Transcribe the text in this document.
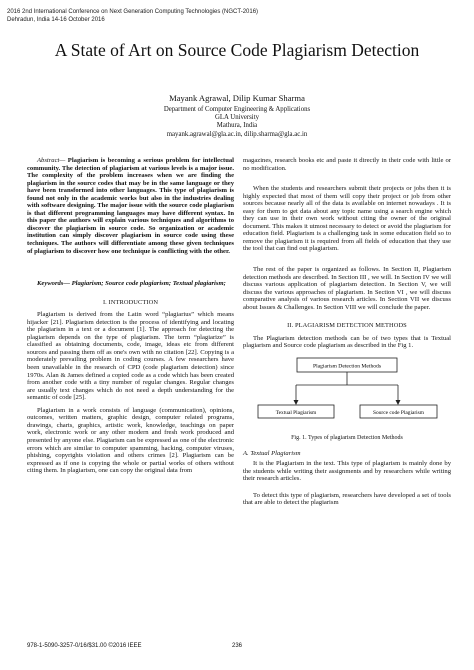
2016 2nd International Conference on Next Generation Computing Technologies (NGCT-2016)
Dehradun, India 14-16 October 2016
A State of Art on Source Code Plagiarism Detection
Mayank Agrawal, Dilip Kumar Sharma
Department of Computer Engineering & Applications
GLA University
Mathura, India
mayank.agrawal@gla.ac.in, dilip.sharma@gla.ac.in

Abstract— Plagiarism is becoming a serious problem for intellectual community. The detection of plagiarism at various levels is a major issue. The complexity of the problem increases when we are finding the plagiarism in the source codes that may be in the same language or they have been transformed into other languages. This type of plagiarism is found not only in the academic works but also in the industries dealing with software designing. The major issue with the source code plagiarism is that different programming languages may have different syntax. In this paper the authors will explain various techniques and algorithms to discover the plagiarism in source code. So organization or academic institution can simply discover plagiarism in source code using these techniques. The authors will differentiate among these given techniques of plagiarism to discover how one technique is conflicting with the other.

Keywords— Plagiarism; Source code plagiarism; Textual plagiarism;

I. INTRODUCTION

Plagiarism is derived from the Latin word “plagiarius” which means hijacker [21]. Plagiarism detection is the process of identifying and locating the plagiarism in a text or a document [1]. The approach for detecting the plagiarism depends on the type of plagiarism. The term “plagiarize” is classified as obtaining documents, code, image, ideas etc from different sources and passing them off as one's own with no citation [22]. Copying is a moderately prevailing problem in coding courses. A few researchers have been unavailable in the research of CPD (code plagiarism detection) since 1970s. Alan & James defined a copied code as a code which has been created from another code with a tiny number of regular changes. Regular changes are usually text changes which do not need a depth understanding for the semantic of code [25].

Plagiarism in a work consists of language (communication), opinions, outcomes, written matters, graphic design, computer related programs, drawings, charts, graphics, artistic work, knowledge, teachings on paper work, electronic work or any other modern and fresh work produced and presented by anyone else. Plagiarism can be expressed as one of the electronic errors which are similar to computer spamming, hacking, computer viruses, phishing, copyrights violation and others crimes [2]. Plagiarism can be expressed as if one is copying the whole or partial works of others without citing them. In plagiarism, one can copy the original data from

magazines, research books etc and paste it directly in their code with little or no modification.

When the students and researchers submit their projects or jobs then it is highly expected that most of them will copy their project or job from other sources because nearly all of the data is available on internet nowadays . It is easy for them to get data about any topic name using a search engine which they can use in their own work without citing the owner of the original document. This makes it utmost necessary to detect or avoid the plagiarism for education field. Plagiarism is a challenging task in some education field so to remove the plagiarism it is required from all fields of education that they use the tool that can find out plagiarism.

The rest of the paper is organized as follows. In Section II, Plagiarism detection methods are described. In Section III , we will. In Section IV we will discuss various application of plagiarism detection. In Section V, we will discuss the various approaches of plagiarism. In Section VI , we will discuss comparative analysis of various research articles. In Section VII we discuss about Issues & Challenges. In Section VIII we will conclude the paper.

II. PLAGIARISM DETECTION METHODS

The Plagiarism detection methods can be of two types that is Textual plagiarism and Source code plagiarism as described in the Fig 1.

Plagiarism Detection Methods
Textual Plagiarism	Source code Plagiarism

Fig. 1. Types of plagiarism Detection Methods

A. Textual Plagiarism

It is the Plagiarism in the text. This type of plagiarism is mainly done by the students while writing their assignments and by researchers while writing their research articles.

To detect this type of plagiarism, researchers have developed a set of tools that are able to detect the plagiarism

978-1-5090-3257-0/16/$31.00 ©2016 IEEE	236
